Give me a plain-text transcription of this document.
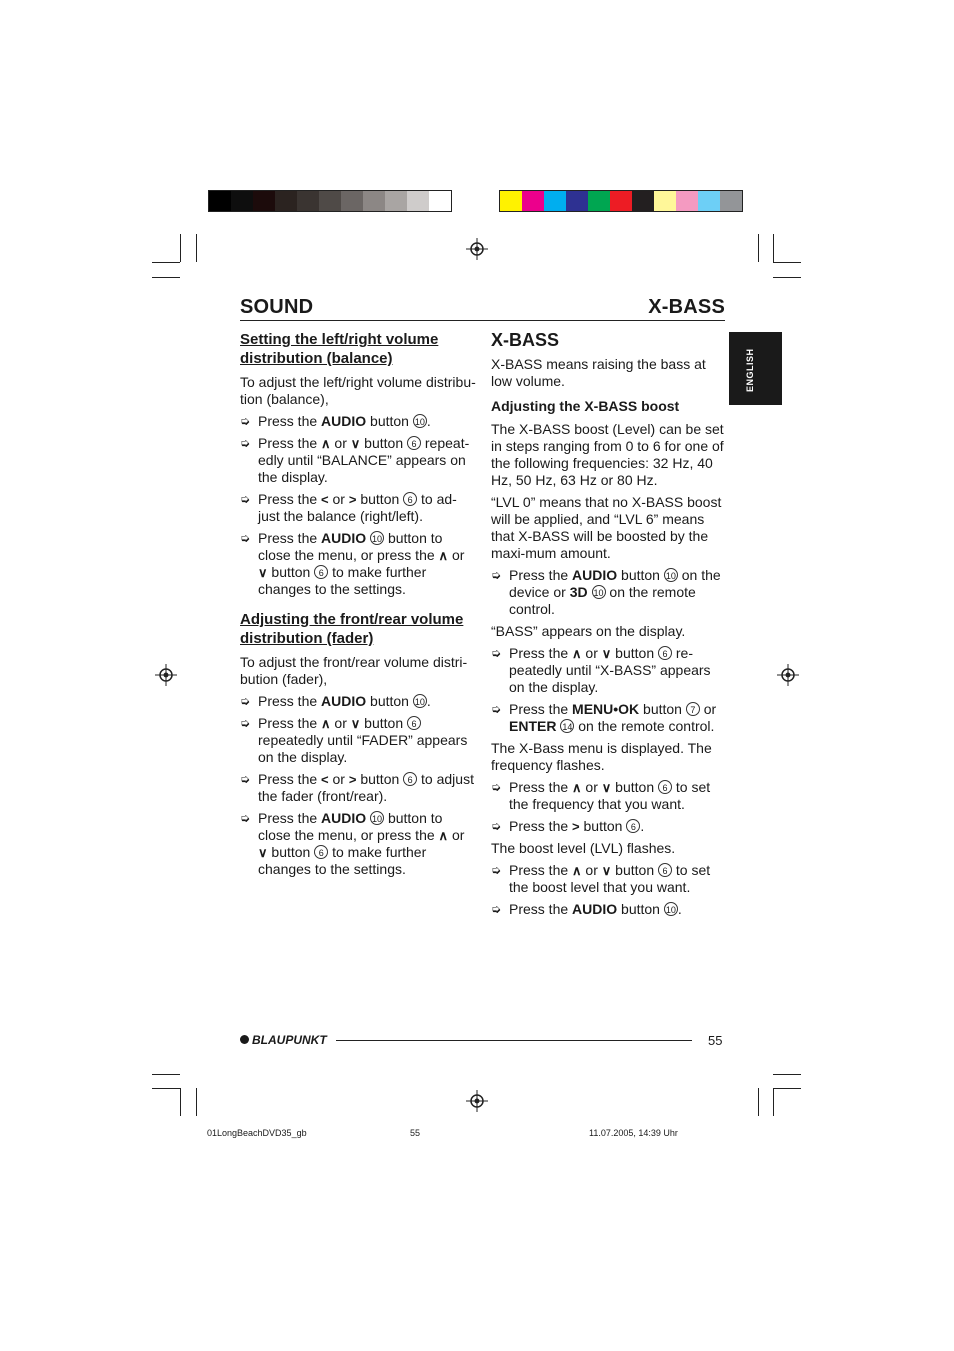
SOUND	X-BASS
ENGLISH
Setting the left/right volume distribution (balance)

To adjust the left/right volume distribu-tion (balance),

➭ Press the AUDIO button 10 .
➭ Press the ∧ or ∨ button 6 repeat-edly until “BALANCE” appears on the display.
➭ Press the < or > button 6 to ad-just the balance (right/left).
➭ Press the AUDIO 10 button to close the menu, or press the ∧ or ∨ button 6 to make further changes to the settings.
Adjusting the front/rear volume distribution (fader)

To adjust the front/rear volume distri-bution (fader),

➭ Press the AUDIO button 10 .
➭ Press the ∧ or ∨ button 6 repeatedly until “FADER” appears on the display.
➭ Press the < or > button 6 to adjust the fader (front/rear).
➭ Press the AUDIO 10 button to close the menu, or press the ∧ or ∨ button 6 to make further changes to the settings.
X-BASS

X-BASS means raising the bass at low volume.

Adjusting the X-BASS boost

The X-BASS boost (Level) can be set in steps ranging from 0 to 6 for one of the following frequencies: 32 Hz, 40 Hz, 50 Hz, 63 Hz or 80 Hz.

“LVL 0” means that no X-BASS boost will be applied, and “LVL 6” means that X-BASS will be boosted by the maxi-mum amount.

➭ Press the AUDIO button 10 on the device or 3D 10 on the remote control.

“BASS” appears on the display.

➭ Press the ∧ or ∨ button 6 re-peatedly until “X-BASS” appears on the display.
➭ Press the MENU•OK button 7 or ENTER 14 on the remote control.

The X-Bass menu is displayed. The frequency flashes.

➭ Press the ∧ or ∨ button 6 to set the frequency that you want.
➭ Press the > button 6 .

The boost level (LVL) flashes.

➭ Press the ∧ or ∨ button 6 to set the boost level that you want.
➭ Press the AUDIO button 10 .
BLAUPUNKT	55
01LongBeachDVD35_gb	55	11.07.2005, 14:39 Uhr
